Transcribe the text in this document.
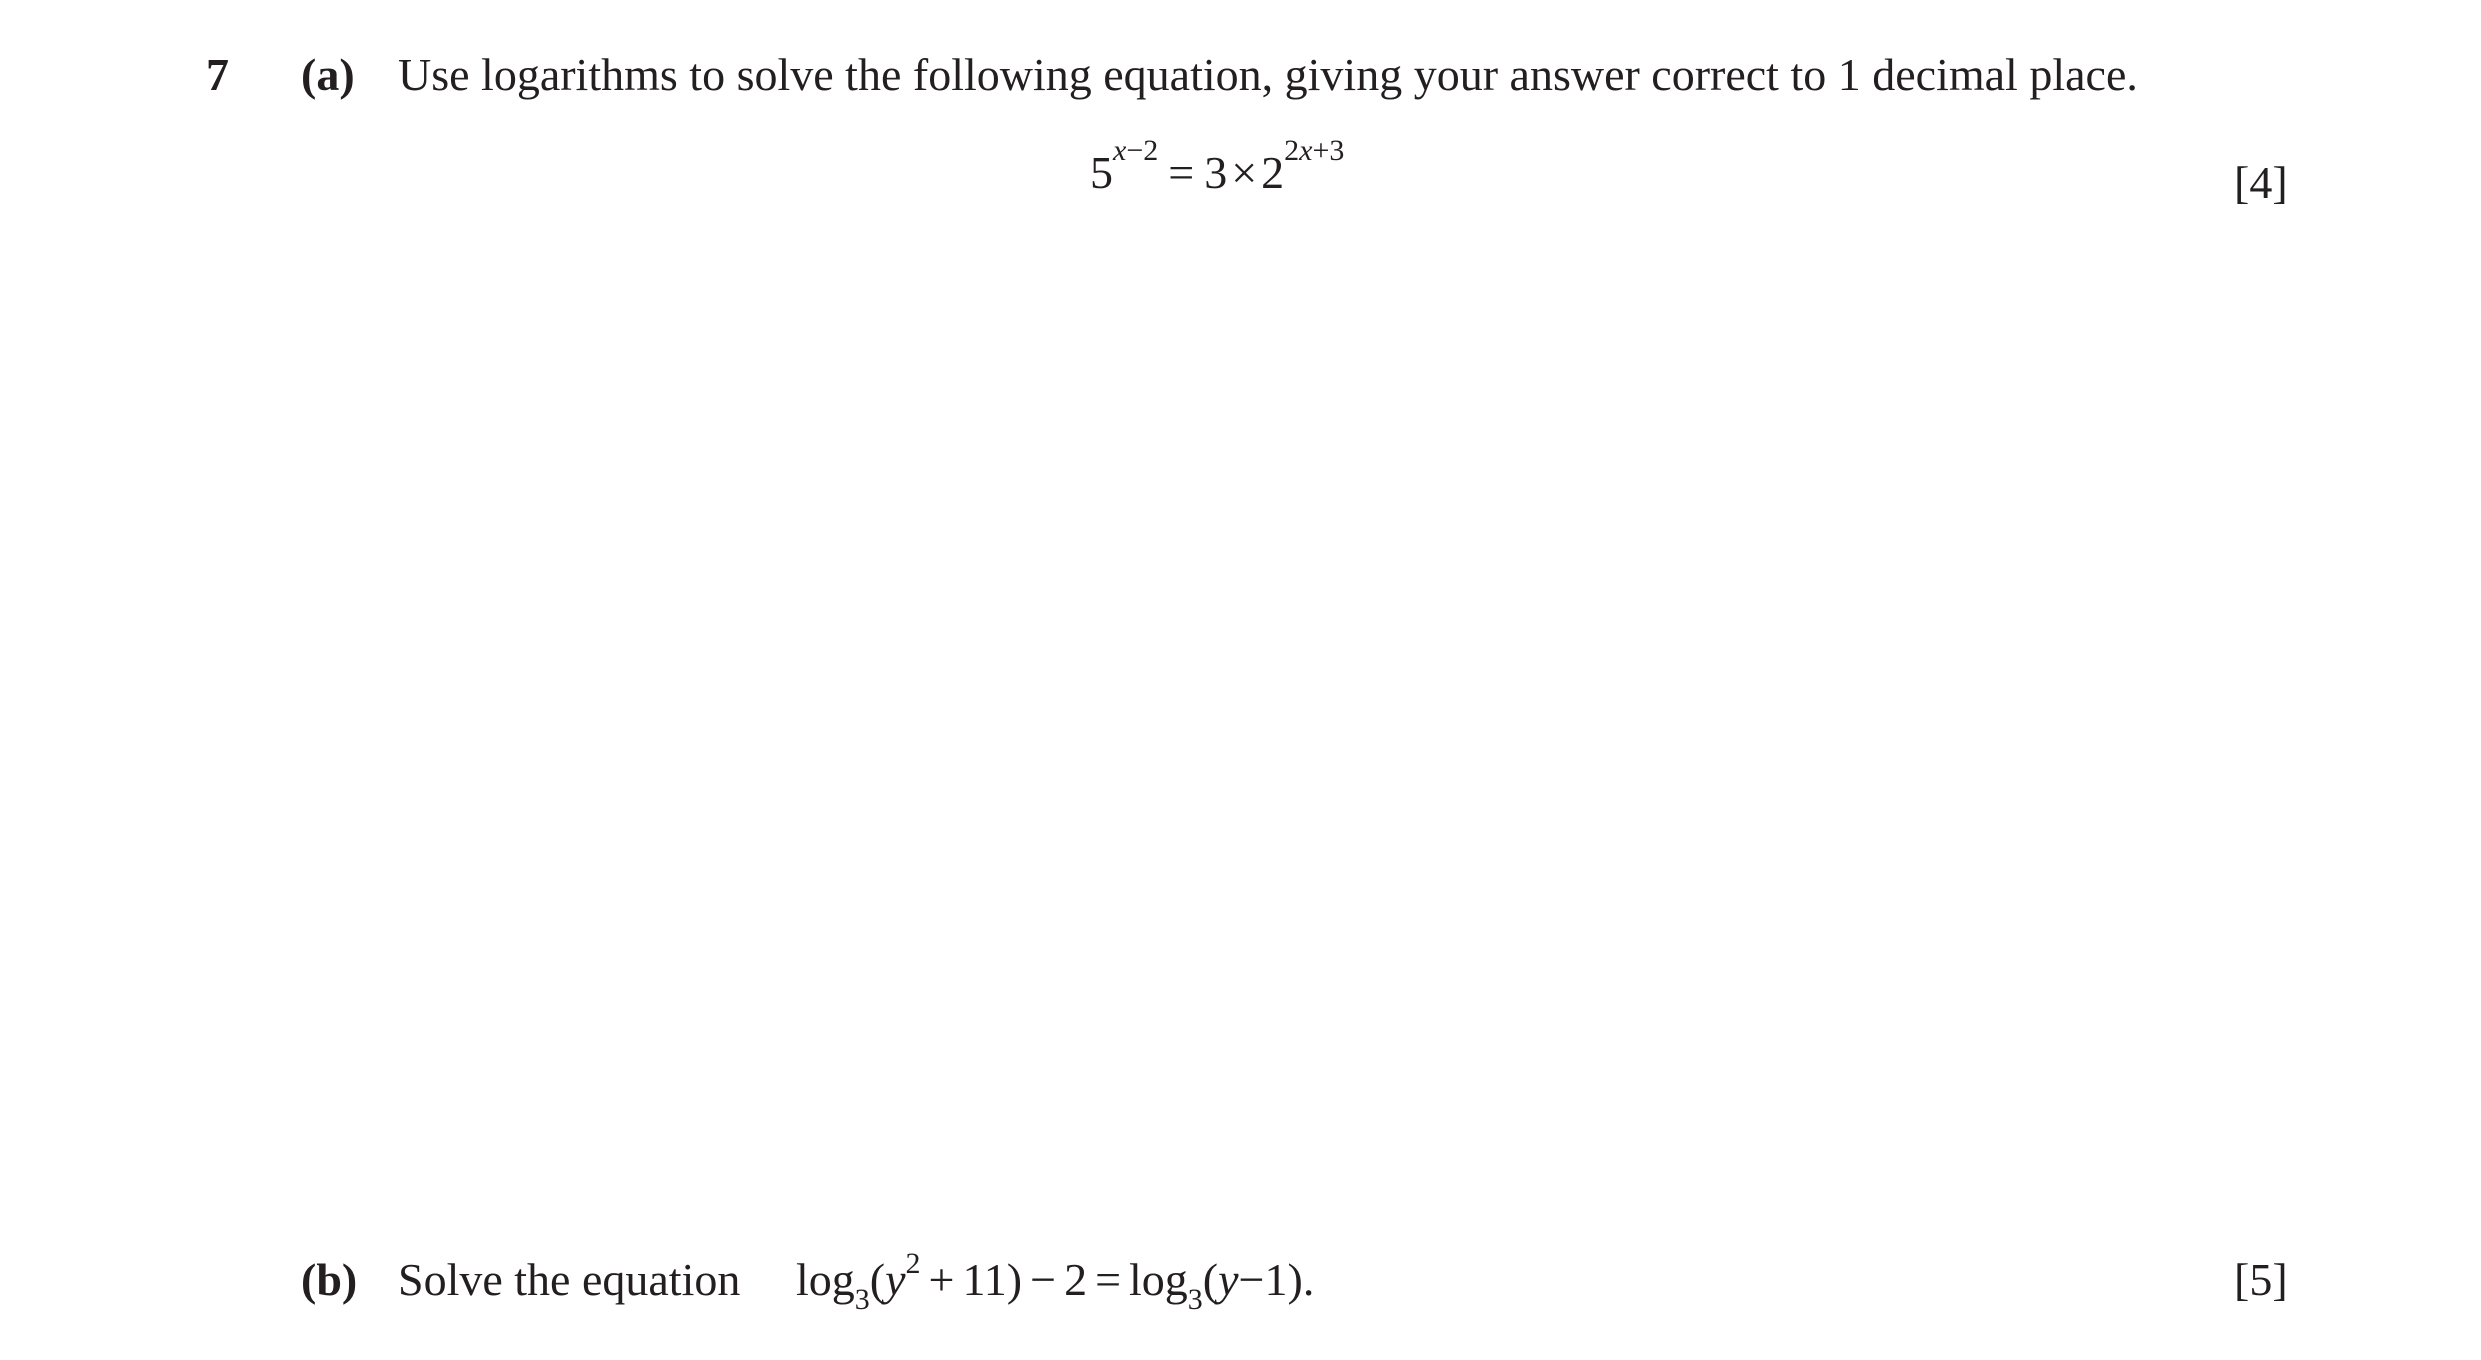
7 (a) Use logarithms to solve the following equation, giving your answer correct to 1 decimal place.
$5^{x-2} = 3\times 2^{2x+3}$
[4]
(b) Solve the equation $\log_3(y^2 + 11) - 2 = \log_3(y-1)$.	[5]
